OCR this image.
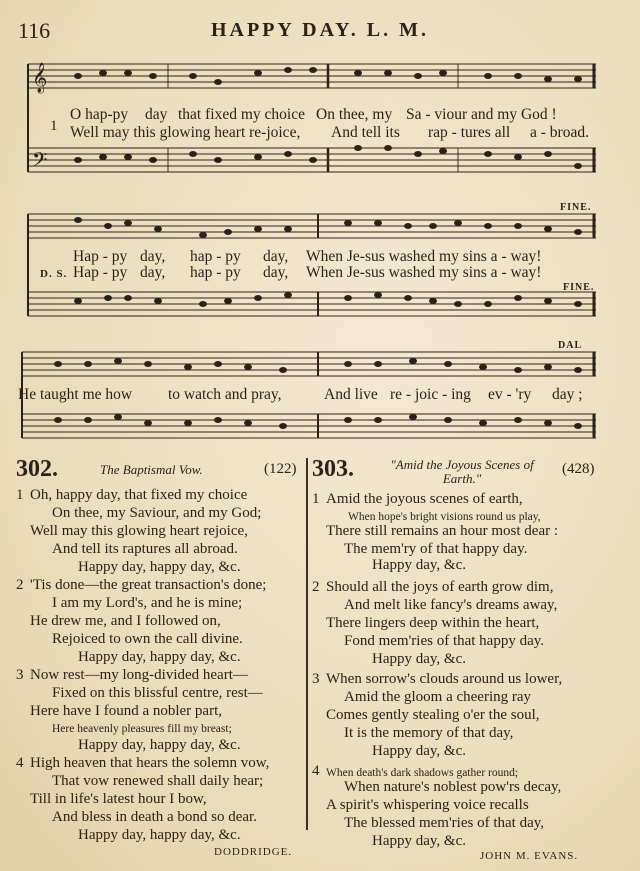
116	HAPPY DAY. L. M.
𝄞
𝄢
1
O hap-py day that fixed my choice On thee, my Sa - viour and my God !
Well may this glowing heart re-joice, And tell its rap - tures all a - broad.
FINE.
Hap - py day, hap - py day, When Je-sus washed my sins a - way!
D. S. Hap - py day, hap - py day, When Je-sus washed my sins a - way!
FINE.
DAL
He taught me how to watch and pray,	And live re - joic - ing ev - 'ry day ;
302.	The Baptismal Vow.	(122)
1 Oh, happy day, that fixed my choice
On thee, my Saviour, and my God;
Well may this glowing heart rejoice,
And tell its raptures all abroad.
Happy day, happy day, &c.
2 'Tis done—the great transaction's done;
I am my Lord's, and he is mine;
He drew me, and I followed on,
Rejoiced to own the call divine.
Happy day, happy day, &c.
3 Now rest—my long-divided heart—
Fixed on this blissful centre, rest—
Here have I found a nobler part,
Here heavenly pleasures fill my breast;
Happy day, happy day, &c.
4 High heaven that hears the solemn vow,
That vow renewed shall daily hear;
Till in life's latest hour I bow,
And bless in death a bond so dear.
Happy day, happy day, &c.
DODDRIDGE.
303.	"Amid the Joyous Scenes of Earth."
(428)
1 Amid the joyous scenes of earth,
When hope's bright visions round us play,
There still remains an hour most dear :
The mem'ry of that happy day.
Happy day, &c.
2 Should all the joys of earth grow dim,
And melt like fancy's dreams away,
There lingers deep within the heart,
Fond mem'ries of that happy day.
Happy day, &c.
3 When sorrow's clouds around us lower,
Amid the gloom a cheering ray
Comes gently stealing o'er the soul,
It is the memory of that day,
Happy day, &c.
4 When death's dark shadows gather round;
When nature's noblest pow'rs decay,
A spirit's whispering voice recalls
The blessed mem'ries of that day,
Happy day, &c.
JOHN M. EVANS.
